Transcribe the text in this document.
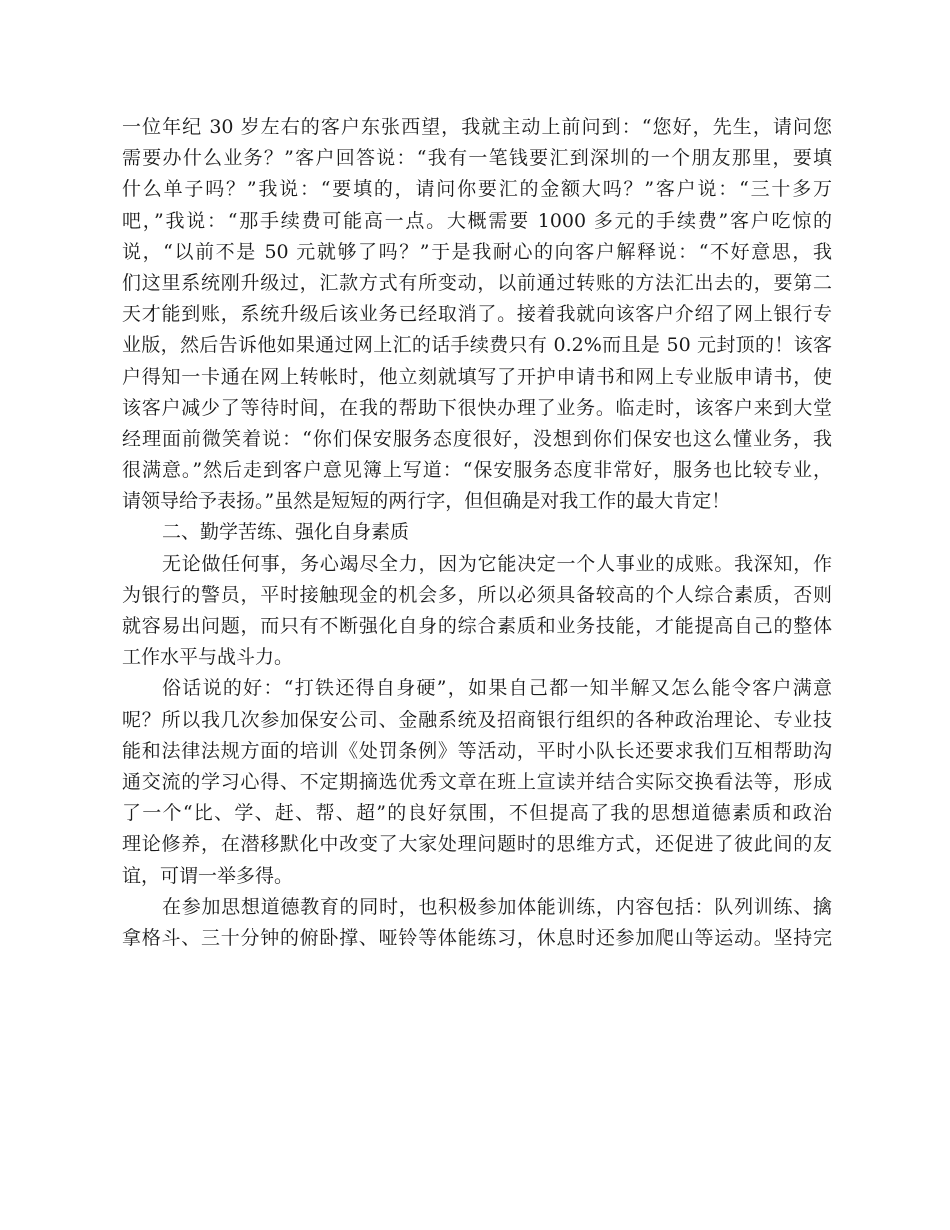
一位年纪 30 岁左右的客户东张西望，我就主动上前问到：“您好，先生，请问您
需要办什么业务？”客户回答说：“我有一笔钱要汇到深圳的一个朋友那里，要填
什么单子吗？”我说：“要填的，请问你要汇的金额大吗？”客户说：“三十多万
吧，”我说：“那手续费可能高一点。大概需要 1000 多元的手续费”客户吃惊的
说，“以前不是 50 元就够了吗？”于是我耐心的向客户解释说：“不好意思，我
们这里系统刚升级过，汇款方式有所变动，以前通过转账的方法汇出去的，要第二
天才能到账，系统升级后该业务已经取消了。接着我就向该客户介绍了网上银行专
业版，然后告诉他如果通过网上汇的话手续费只有 0.2%而且是 50 元封顶的！该客
户得知一卡通在网上转帐时，他立刻就填写了开护申请书和网上专业版申请书，使
该客户减少了等待时间，在我的帮助下很快办理了业务。临走时，该客户来到大堂
经理面前微笑着说：“你们保安服务态度很好，没想到你们保安也这么懂业务，我
很满意。”然后走到客户意见簿上写道：“保安服务态度非常好，服务也比较专业，
请领导给予表扬。”虽然是短短的两行字，但但确是对我工作的最大肯定！
二、勤学苦练、强化自身素质
无论做任何事，务心竭尽全力，因为它能决定一个人事业的成账。我深知，作
为银行的警员，平时接触现金的机会多，所以必须具备较高的个人综合素质，否则
就容易出问题，而只有不断强化自身的综合素质和业务技能，才能提高自己的整体
工作水平与战斗力。
俗话说的好：“打铁还得自身硬”，如果自己都一知半解又怎么能令客户满意
呢？所以我几次参加保安公司、金融系统及招商银行组织的各种政治理论、专业技
能和法律法规方面的培训《处罚条例》等活动，平时小队长还要求我们互相帮助沟
通交流的学习心得、不定期摘选优秀文章在班上宣读并结合实际交换看法等，形成
了一个“比、学、赶、帮、超”的良好氛围，不但提高了我的思想道德素质和政治
理论修养，在潜移默化中改变了大家处理问题时的思维方式，还促进了彼此间的友
谊，可谓一举多得。
在参加思想道德教育的同时，也积极参加体能训练，内容包括：队列训练、擒
拿格斗、三十分钟的俯卧撑、哑铃等体能练习，休息时还参加爬山等运动。坚持完
